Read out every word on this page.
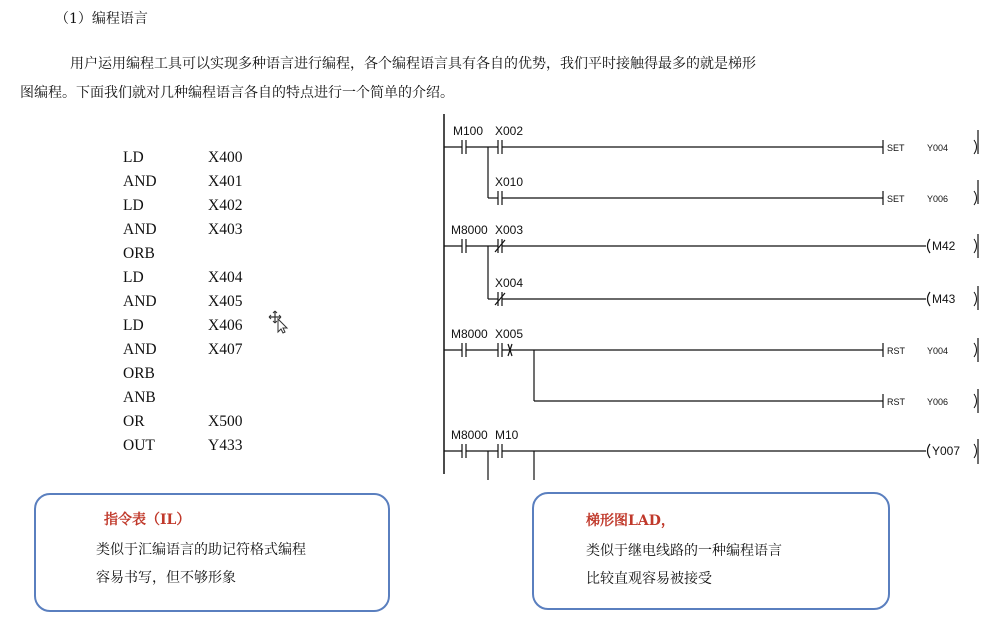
（1）编程语言
用户运用编程工具可以实现多种语言进行编程，各个编程语言具有各自的优势，我们平时接触得最多的就是梯形
图编程。下面我们就对几种编程语言各自的特点进行一个简单的介绍。
LD	X400
AND	X401
LD	X402
AND	X403
ORB
LD	X404
AND	X405
LD	X406
AND	X407
ORB
ANB
OR	X500
OUT	Y433
M100 X002
X010
M8000 X003
X004
M8000 X005
M8000 M10
SET Y004
SET Y006
M42
M43
RST Y004
RST Y006
Y007
指令表（IL）
类似于汇编语言的助记符格式编程
容易书写，但不够形象
梯形图LAD，
类似于继电线路的一种编程语言
比较直观容易被接受
